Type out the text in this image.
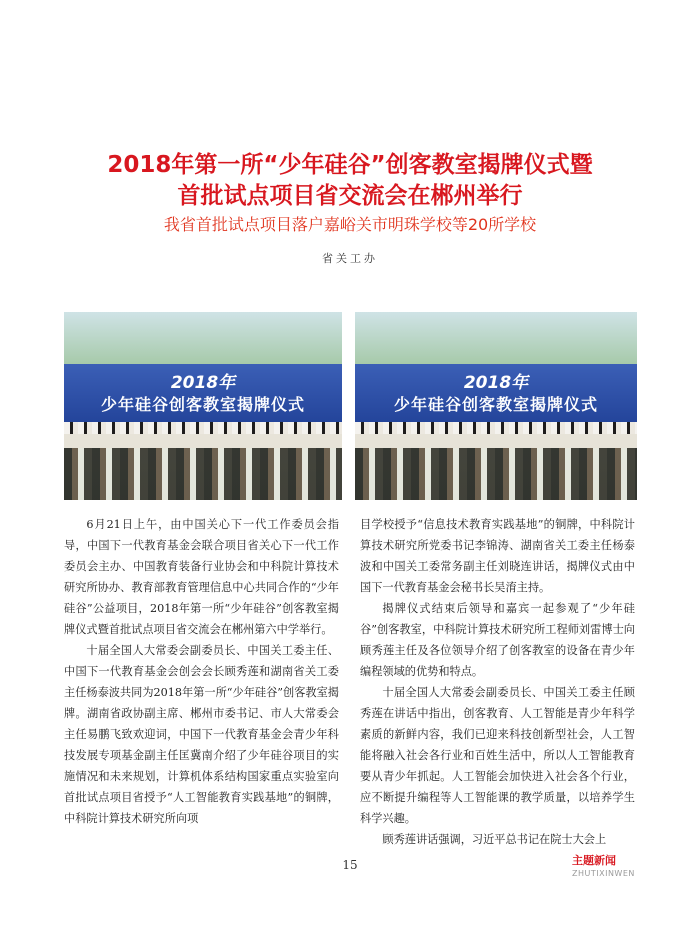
2018年第一所“少年硅谷”创客教室揭牌仪式暨
首批试点项目省交流会在郴州举行
我省首批试点项目落户嘉峪关市明珠学校等20所学校
省关工办
2018年
少年硅谷创客教室揭牌仪式
2018年
少年硅谷创客教室揭牌仪式

6月21日上午，由中国关心下一代工作委员会指导，中国下一代教育基金会联合项目省关心下一代工作委员会主办、中国教育装备行业协会和中科院计算技术研究所协办、教育部教育管理信息中心共同合作的“少年硅谷”公益项目，2018年第一所“少年硅谷”创客教室揭牌仪式暨首批试点项目省交流会在郴州第六中学举行。

十届全国人大常委会副委员长、中国关工委主任、中国下一代教育基金会创会会长顾秀莲和湖南省关工委主任杨泰波共同为2018年第一所“少年硅谷”创客教室揭牌。湖南省政协副主席、郴州市委书记、市人大常委会主任易鹏飞致欢迎词，中国下一代教育基金会青少年科技发展专项基金副主任匡冀南介绍了少年硅谷项目的实施情况和未来规划，计算机体系结构国家重点实验室向首批试点项目省授予“人工智能教育实践基地”的铜牌，中科院计算技术研究所向项

目学校授予“信息技术教育实践基地”的铜牌，中科院计算技术研究所党委书记李锦涛、湖南省关工委主任杨泰波和中国关工委常务副主任刘晓连讲话，揭牌仪式由中国下一代教育基金会秘书长吴淯主持。

揭牌仪式结束后领导和嘉宾一起参观了“少年硅谷”创客教室，中科院计算技术研究所工程师刘雷博士向顾秀莲主任及各位领导介绍了创客教室的设备在青少年编程领域的优势和特点。

十届全国人大常委会副委员长、中国关工委主任顾秀莲在讲话中指出，创客教育、人工智能是青少年科学素质的新鲜内容，我们已迎来科技创新型社会，人工智能将融入社会各行业和百姓生活中，所以人工智能教育要从青少年抓起。人工智能会加快进入社会各个行业，应不断提升编程等人工智能课的教学质量，以培养学生科学兴趣。

顾秀莲讲话强调，习近平总书记在院士大会上

15	主题新闻
ZHUTIXINWEN
